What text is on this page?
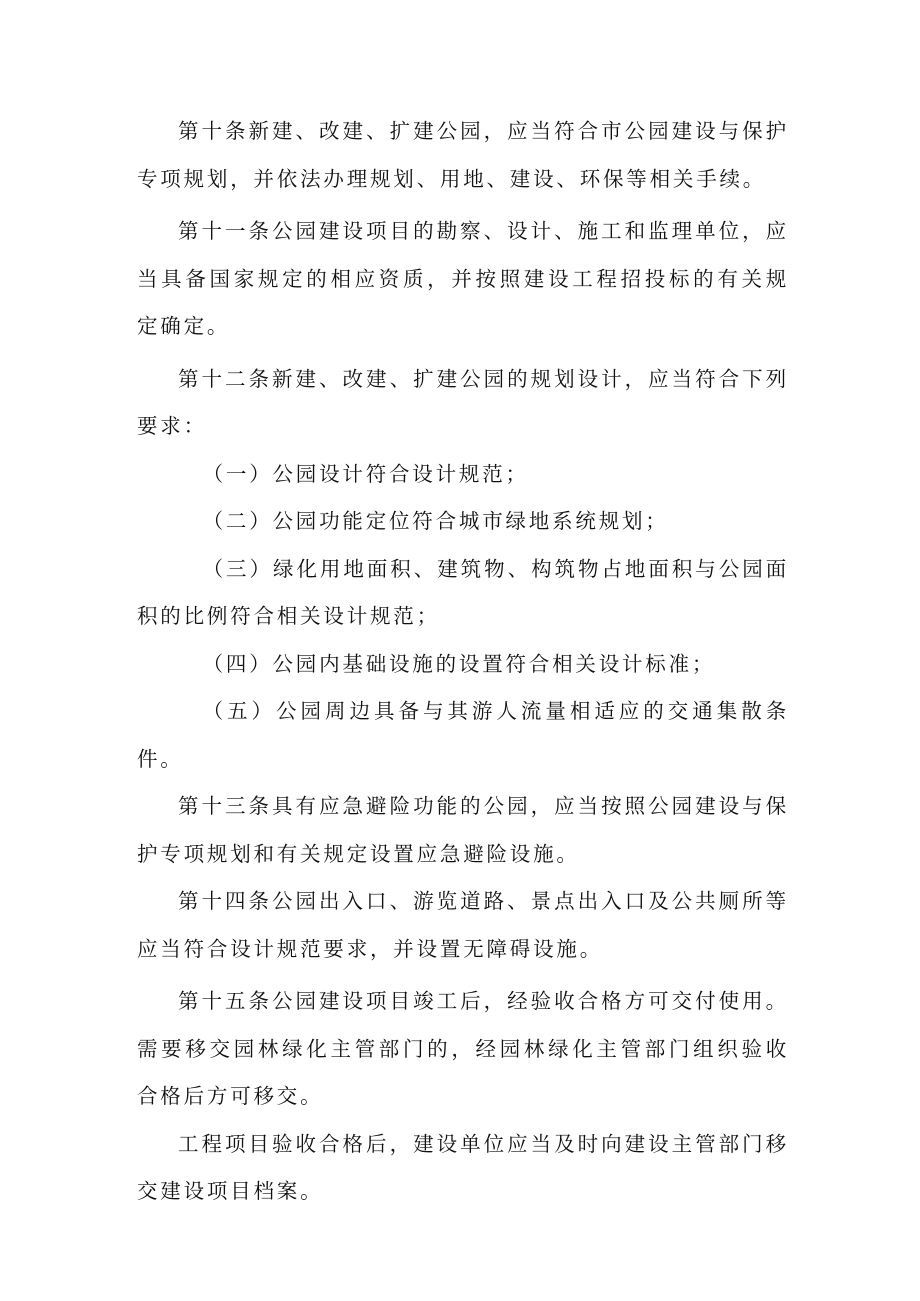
第十条新建、改建、扩建公园，应当符合市公园建设与保护专项规划，并依法办理规划、用地、建设、环保等相关手续。

第十一条公园建设项目的勘察、设计、施工和监理单位，应当具备国家规定的相应资质，并按照建设工程招投标的有关规定确定。

第十二条新建、改建、扩建公园的规划设计，应当符合下列要求：

（一）公园设计符合设计规范；

（二）公园功能定位符合城市绿地系统规划；

（三）绿化用地面积、建筑物、构筑物占地面积与公园面积的比例符合相关设计规范；

（四）公园内基础设施的设置符合相关设计标准；

（五）公园周边具备与其游人流量相适应的交通集散条件。

第十三条具有应急避险功能的公园，应当按照公园建设与保护专项规划和有关规定设置应急避险设施。

第十四条公园出入口、游览道路、景点出入口及公共厕所等应当符合设计规范要求，并设置无障碍设施。

第十五条公园建设项目竣工后，经验收合格方可交付使用。需要移交园林绿化主管部门的，经园林绿化主管部门组织验收合格后方可移交。

工程项目验收合格后，建设单位应当及时向建设主管部门移交建设项目档案。
